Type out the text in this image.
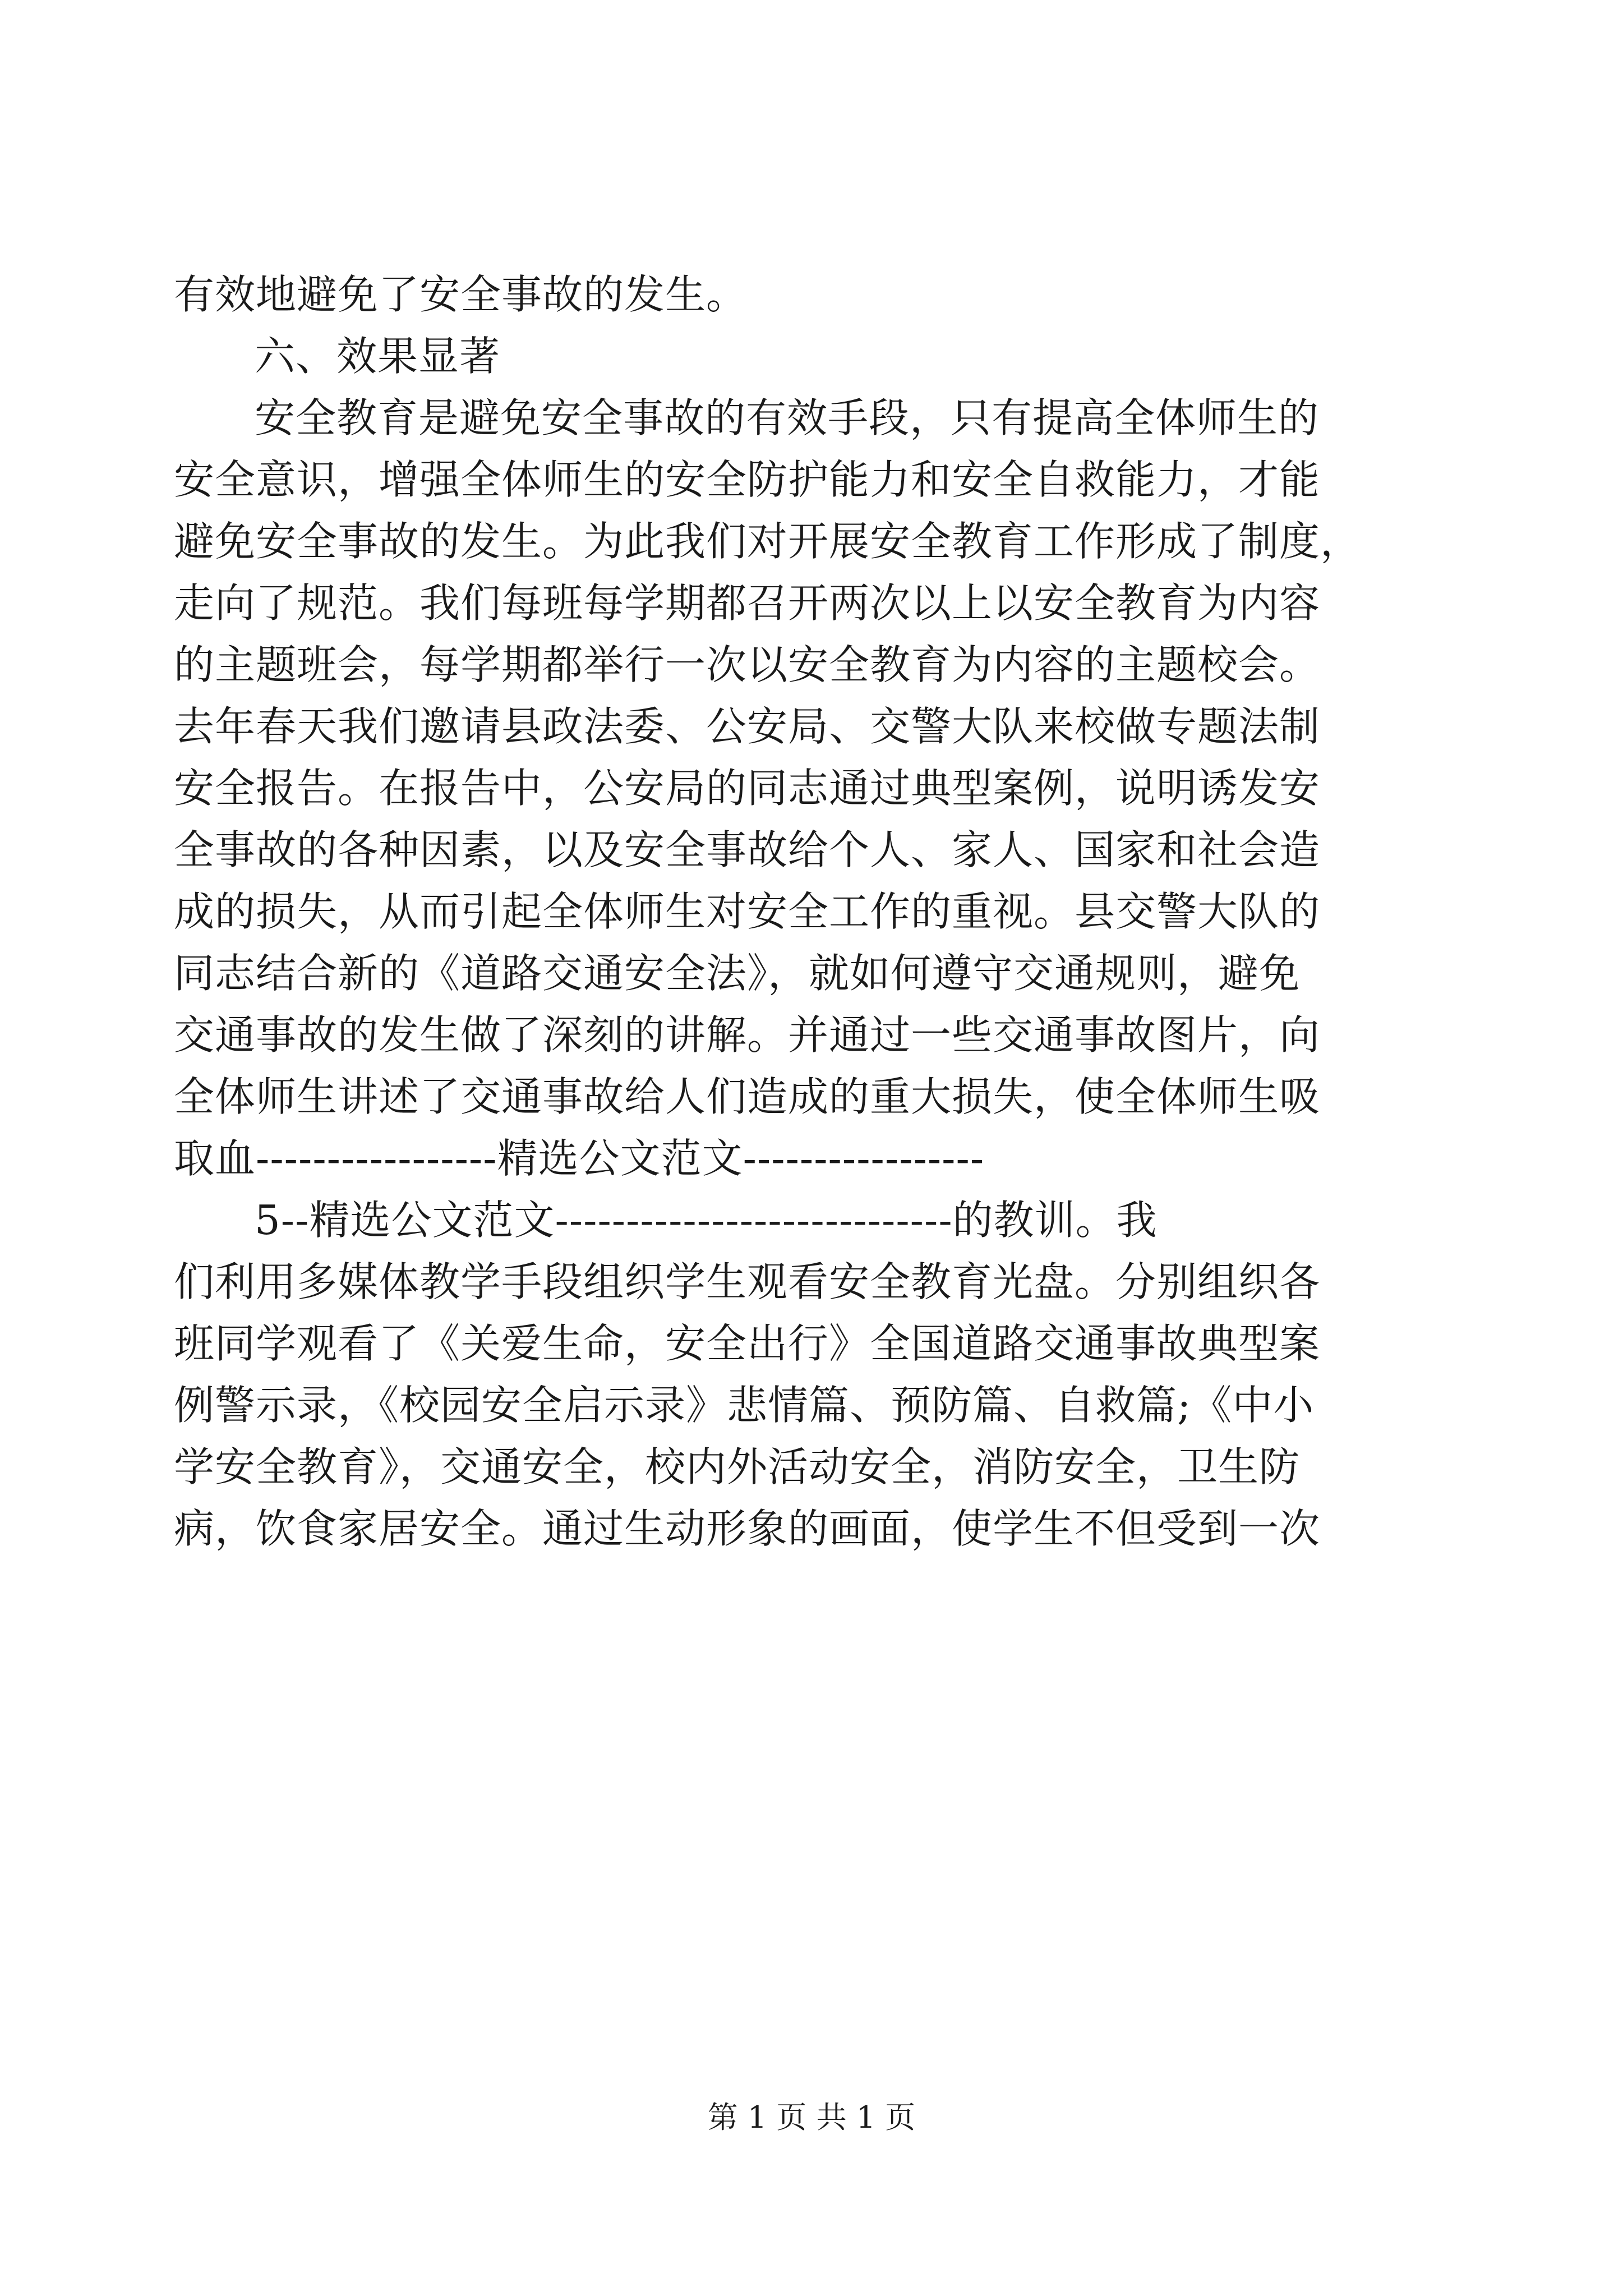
有效地避免了安全事故的发生。
六、效果显著
安全教育是避免安全事故的有效手段，只有提高全体师生的
安全意识，增强全体师生的安全防护能力和安全自救能力，才能
避免安全事故的发生。为此我们对开展安全教育工作形成了制度，
走向了规范。我们每班每学期都召开两次以上以安全教育为内容
的主题班会，每学期都举行一次以安全教育为内容的主题校会。
去年春天我们邀请县政法委、公安局、交警大队来校做专题法制
安全报告。在报告中，公安局的同志通过典型案例，说明诱发安
全事故的各种因素，以及安全事故给个人、家人、国家和社会造
成的损失，从而引起全体师生对安全工作的重视。县交警大队的
同志结合新的《道路交通安全法》，就如何遵守交通规则，避免
交通事故的发生做了深刻的讲解。并通过一些交通事故图片，向
全体师生讲述了交通事故给人们造成的重大损失，使全体师生吸
取血-----------------精选公文范文-----------------
5--精选公文范文----------------------------的教训。我
们利用多媒体教学手段组织学生观看安全教育光盘。分别组织各
班同学观看了《关爱生命，安全出行》全国道路交通事故典型案
例警示录，《校园安全启示录》悲情篇、预防篇、自救篇;《中小
学安全教育》，交通安全，校内外活动安全，消防安全，卫生防
病，饮食家居安全。通过生动形象的画面，使学生不但受到一次
第 1 页 共 1 页
